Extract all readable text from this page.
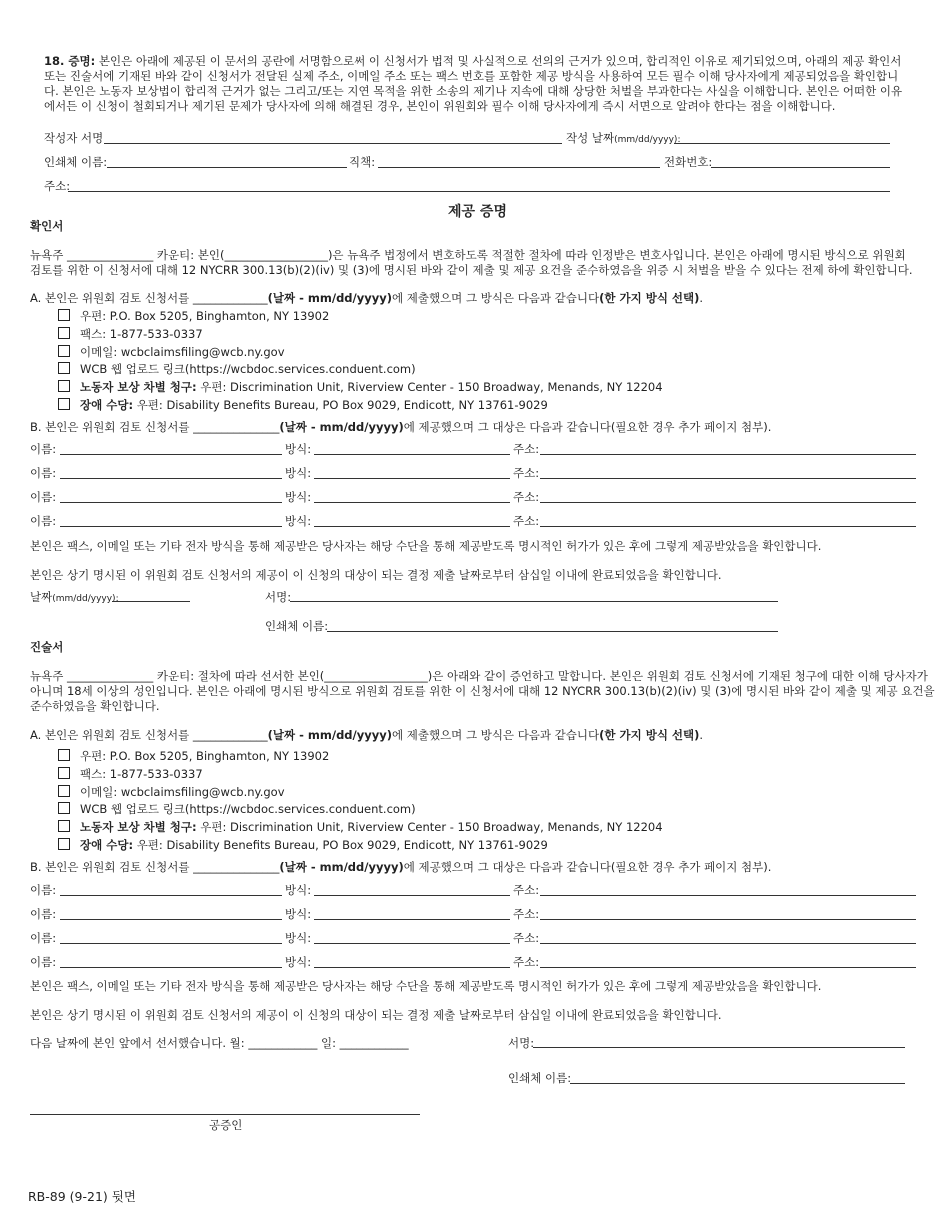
18. 증명: 본인은 아래에 제공된 이 문서의 공란에 서명함으로써 이 신청서가 법적 및 사실적으로 선의의 근거가 있으며, 합리적인 이유로 제기되었으며, 아래의 제공 확인서 또는 진술서에 기재된 바와 같이 신청서가 전달된 실제 주소, 이메일 주소 또는 팩스 번호를 포함한 제공 방식을 사용하여 모든 필수 이해 당사자에게 제공되었음을 확인합니다. 본인은 노동자 보상법이 합리적 근거가 없는 그리고/또는 지연 목적을 위한 소송의 제기나 지속에 대해 상당한 처벌을 부과한다는 사실을 이해합니다. 본인은 어떠한 이유에서든 이 신청이 철회되거나 제기된 문제가 당사자에 의해 해결된 경우, 본인이 위원회와 필수 이해 당사자에게 즉시 서면으로 알려야 한다는 점을 이해합니다.
작성자 서명	작성 날짜(mm/dd/yyyy):
인쇄체 이름:	직책:	전화번호:
주소:
제공 증명
확인서
뉴욕주 _______________ 카운티: 본인(__________________)은 뉴욕주 법정에서 변호하도록 적절한 절차에 따라 인정받은 변호사입니다. 본인은 아래에 명시된 방식으로 위원회
검토를 위한 이 신청서에 대해 12 NYCRR 300.13(b)(2)(iv) 및 (3)에 명시된 바와 같이 제출 및 제공 요건을 준수하였음을 위증 시 처벌을 받을 수 있다는 전제 하에 확인합니다.
A. 본인은 위원회 검토 신청서를 _____________(날짜 - mm/dd/yyyy)에 제출했으며 그 방식은 다음과 같습니다(한 가지 방식 선택).
우편: P.O. Box 5205, Binghamton, NY 13902
팩스: 1-877-533-0337
이메일: wcbclaimsfiling@wcb.ny.gov
WCB 웹 업로드 링크(https://wcbdoc.services.conduent.com)
노동자 보상 차별 청구: 우편: Discrimination Unit, Riverview Center - 150 Broadway, Menands, NY 12204
장애 수당: 우편: Disability Benefits Bureau, PO Box 9029, Endicott, NY 13761-9029
B. 본인은 위원회 검토 신청서를 _______________(날짜 - mm/dd/yyyy)에 제공했으며 그 대상은 다음과 같습니다(필요한 경우 추가 페이지 첨부).
이름:	방식:	주소:
이름:	방식:	주소:
이름:	방식:	주소:
이름:	방식:	주소:
본인은 팩스, 이메일 또는 기타 전자 방식을 통해 제공받은 당사자는 해당 수단을 통해 제공받도록 명시적인 허가가 있은 후에 그렇게 제공받았음을 확인합니다.
본인은 상기 명시된 이 위원회 검토 신청서의 제공이 이 신청의 대상이 되는 결정 제출 날짜로부터 삼십일 이내에 완료되었음을 확인합니다.
날짜(mm/dd/yyyy):	서명:
인쇄체 이름:
진술서
뉴욕주 _______________ 카운티: 절차에 따라 선서한 본인(__________________)은 아래와 같이 증언하고 말합니다. 본인은 위원회 검토 신청서에 기재된 청구에 대한 이해 당사자가
아니며 18세 이상의 성인입니다. 본인은 아래에 명시된 방식으로 위원회 검토를 위한 이 신청서에 대해 12 NYCRR 300.13(b)(2)(iv) 및 (3)에 명시된 바와 같이 제출 및 제공 요건을
준수하였음을 확인합니다.
A. 본인은 위원회 검토 신청서를 _____________(날짜 - mm/dd/yyyy)에 제출했으며 그 방식은 다음과 같습니다(한 가지 방식 선택).
우편: P.O. Box 5205, Binghamton, NY 13902
팩스: 1-877-533-0337
이메일: wcbclaimsfiling@wcb.ny.gov
WCB 웹 업로드 링크(https://wcbdoc.services.conduent.com)
노동자 보상 차별 청구: 우편: Discrimination Unit, Riverview Center - 150 Broadway, Menands, NY 12204
장애 수당: 우편: Disability Benefits Bureau, PO Box 9029, Endicott, NY 13761-9029
B. 본인은 위원회 검토 신청서를 _______________(날짜 - mm/dd/yyyy)에 제공했으며 그 대상은 다음과 같습니다(필요한 경우 추가 페이지 첨부).
이름:	방식:	주소:
이름:	방식:	주소:
이름:	방식:	주소:
이름:	방식:	주소:
본인은 팩스, 이메일 또는 기타 전자 방식을 통해 제공받은 당사자는 해당 수단을 통해 제공받도록 명시적인 허가가 있은 후에 그렇게 제공받았음을 확인합니다.
본인은 상기 명시된 이 위원회 검토 신청서의 제공이 이 신청의 대상이 되는 결정 제출 날짜로부터 삼십일 이내에 완료되었음을 확인합니다.
다음 날짜에 본인 앞에서 선서했습니다. 월: ____________ 일: ____________	서명:
인쇄체 이름:
공증인
RB-89 (9-21) 뒷면
